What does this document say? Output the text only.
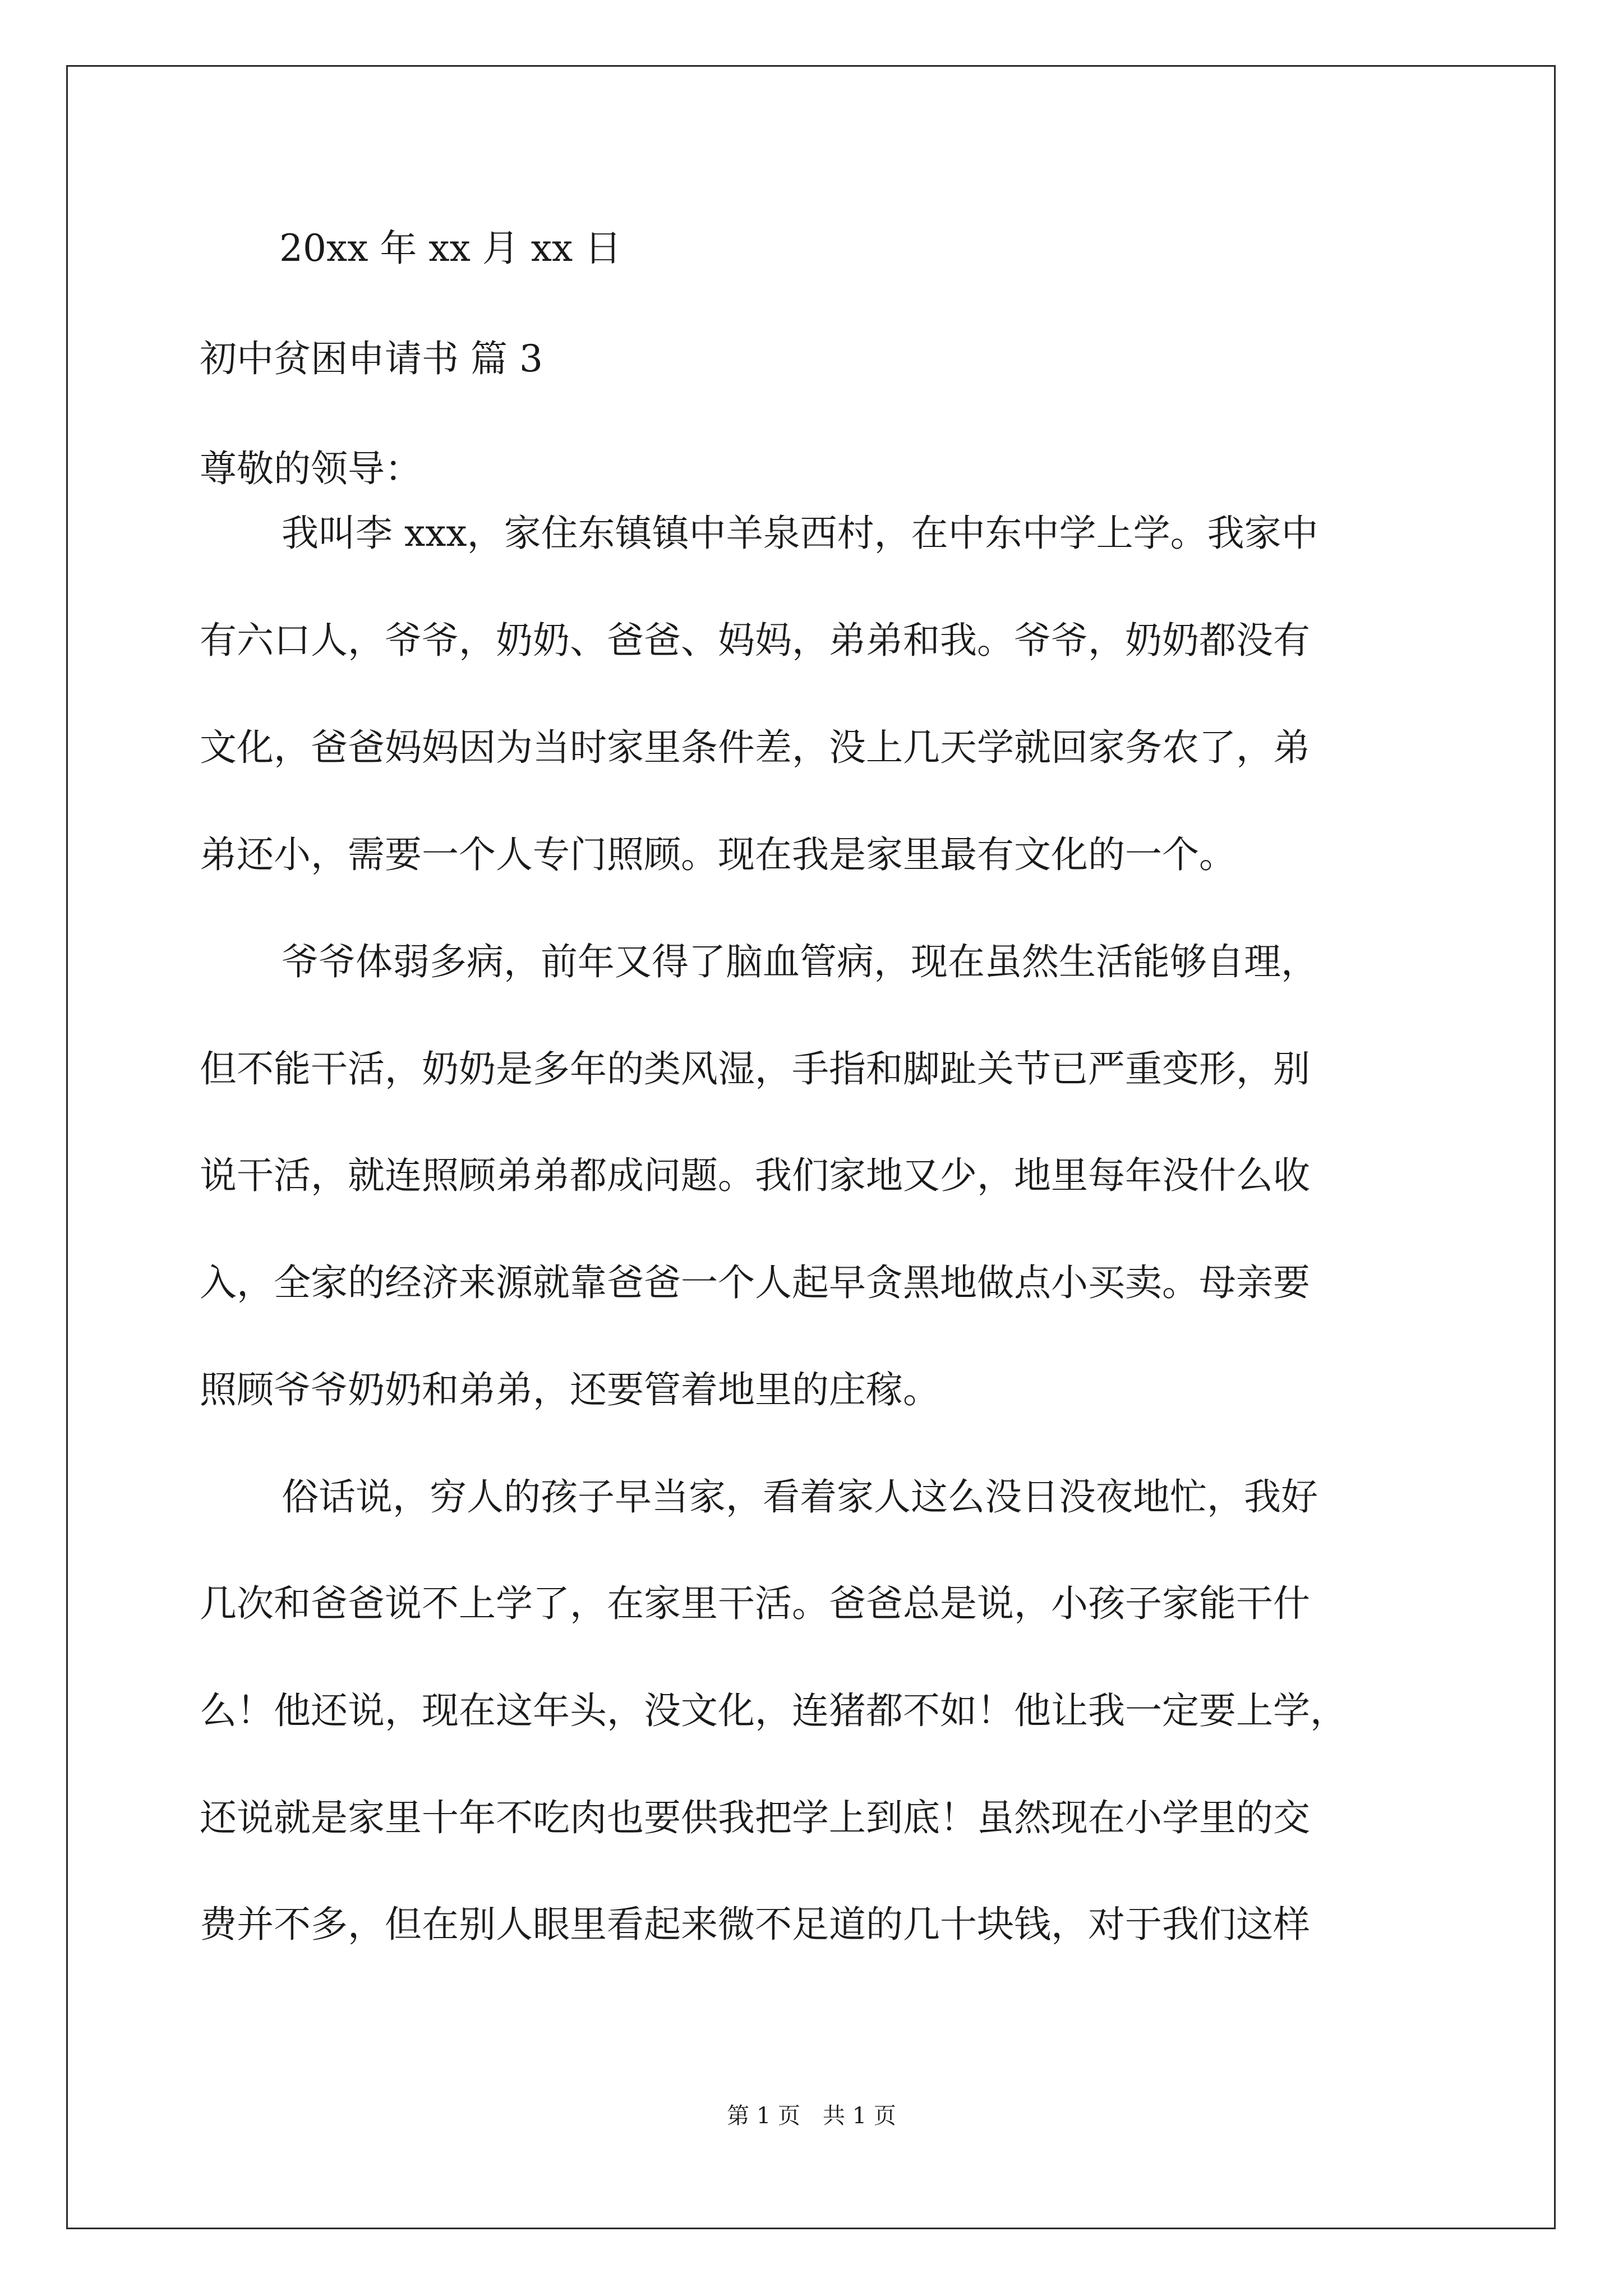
20xx 年 xx 月 xx 日
初中贫困申请书 篇 3
尊敬的领导：
我叫李 xxx，家住东镇镇中羊泉西村，在中东中学上学。我家中
有六口人，爷爷，奶奶、爸爸、妈妈，弟弟和我。爷爷，奶奶都没有
文化，爸爸妈妈因为当时家里条件差，没上几天学就回家务农了，弟
弟还小，需要一个人专门照顾。现在我是家里最有文化的一个。
爷爷体弱多病，前年又得了脑血管病，现在虽然生活能够自理，
但不能干活，奶奶是多年的类风湿，手指和脚趾关节已严重变形，别
说干活，就连照顾弟弟都成问题。我们家地又少，地里每年没什么收
入，全家的经济来源就靠爸爸一个人起早贪黑地做点小买卖。母亲要
照顾爷爷奶奶和弟弟，还要管着地里的庄稼。
俗话说，穷人的孩子早当家，看着家人这么没日没夜地忙，我好
几次和爸爸说不上学了，在家里干活。爸爸总是说，小孩子家能干什
么！他还说，现在这年头，没文化，连猪都不如！他让我一定要上学，
还说就是家里十年不吃肉也要供我把学上到底！虽然现在小学里的交
费并不多，但在别人眼里看起来微不足道的几十块钱，对于我们这样
第 1 页　共 1 页
